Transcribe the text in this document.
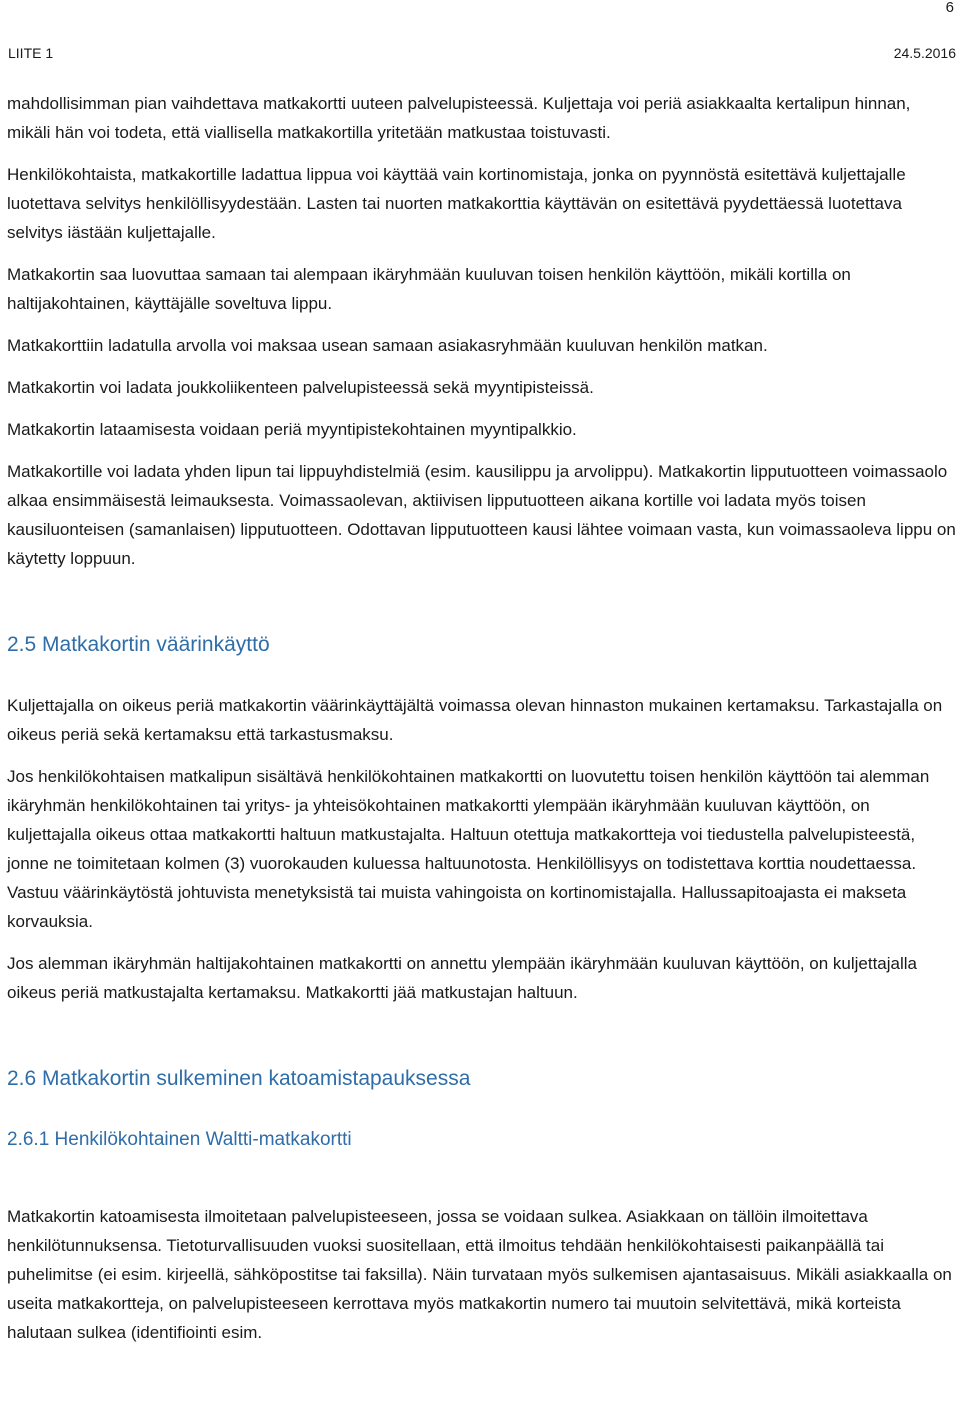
6
LIITE 1	24.5.2016

mahdollisimman pian vaihdettava matkakortti uuteen palvelupisteessä. Kuljettaja voi periä asiakkaalta kertalipun hinnan, mikäli hän voi todeta, että viallisella matkakortilla yritetään matkustaa toistuvasti.

Henkilökohtaista, matkakortille ladattua lippua voi käyttää vain kortinomistaja, jonka on pyynnöstä esitettävä kuljettajalle luotettava selvitys henkilöllisyydestään. Lasten tai nuorten matkakorttia käyttävän on esitettävä pyydettäessä luotettava selvitys iästään kuljettajalle.

Matkakortin saa luovuttaa samaan tai alempaan ikäryhmään kuuluvan toisen henkilön käyttöön, mikäli kortilla on haltijakohtainen, käyttäjälle soveltuva lippu.

Matkakorttiin ladatulla arvolla voi maksaa usean samaan asiakasryhmään kuuluvan henkilön matkan.

Matkakortin voi ladata joukkoliikenteen palvelupisteessä sekä myyntipisteissä.

Matkakortin lataamisesta voidaan periä myyntipistekohtainen myyntipalkkio.

Matkakortille voi ladata yhden lipun tai lippuyhdistelmiä (esim. kausilippu ja arvolippu). Matkakortin lipputuotteen voimassaolo alkaa ensimmäisestä leimauksesta. Voimassaolevan, aktiivisen lipputuotteen aikana kortille voi ladata myös toisen kausiluonteisen (samanlaisen) lipputuotteen. Odottavan lipputuotteen kausi lähtee voimaan vasta, kun voimassaoleva lippu on käytetty loppuun.

2.5 Matkakortin väärinkäyttö

Kuljettajalla on oikeus periä matkakortin väärinkäyttäjältä voimassa olevan hinnaston mukainen kertamaksu. Tarkastajalla on oikeus periä sekä kertamaksu että tarkastusmaksu.

Jos henkilökohtaisen matkalipun sisältävä henkilökohtainen matkakortti on luovutettu toisen henkilön käyttöön tai alemman ikäryhmän henkilökohtainen tai yritys- ja yhteisökohtainen matkakortti ylempään ikäryhmään kuuluvan käyttöön, on kuljettajalla oikeus ottaa matkakortti haltuun matkustajalta. Haltuun otettuja matkakortteja voi tiedustella palvelupisteestä, jonne ne toimitetaan kolmen (3) vuorokauden kuluessa haltuunotosta. Henkilöllisyys on todistettava korttia noudettaessa. Vastuu väärinkäytöstä johtuvista menetyksistä tai muista vahingoista on kortinomistajalla. Hallussapitoajasta ei makseta korvauksia.

Jos alemman ikäryhmän haltijakohtainen matkakortti on annettu ylempään ikäryhmään kuuluvan käyttöön, on kuljettajalla oikeus periä matkustajalta kertamaksu. Matkakortti jää matkustajan haltuun.

2.6 Matkakortin sulkeminen katoamistapauksessa
2.6.1 Henkilökohtainen Waltti-matkakortti

Matkakortin katoamisesta ilmoitetaan palvelupisteeseen, jossa se voidaan sulkea. Asiakkaan on tällöin ilmoitettava henkilötunnuksensa. Tietoturvallisuuden vuoksi suositellaan, että ilmoitus tehdään henkilökohtaisesti paikanpäällä tai puhelimitse (ei esim. kirjeellä, sähköpostitse tai faksilla). Näin turvataan myös sulkemisen ajantasaisuus. Mikäli asiakkaalla on useita matkakortteja, on palvelupisteeseen kerrottava myös matkakortin numero tai muutoin selvitettävä, mikä korteista halutaan sulkea (identifiointi esim.
